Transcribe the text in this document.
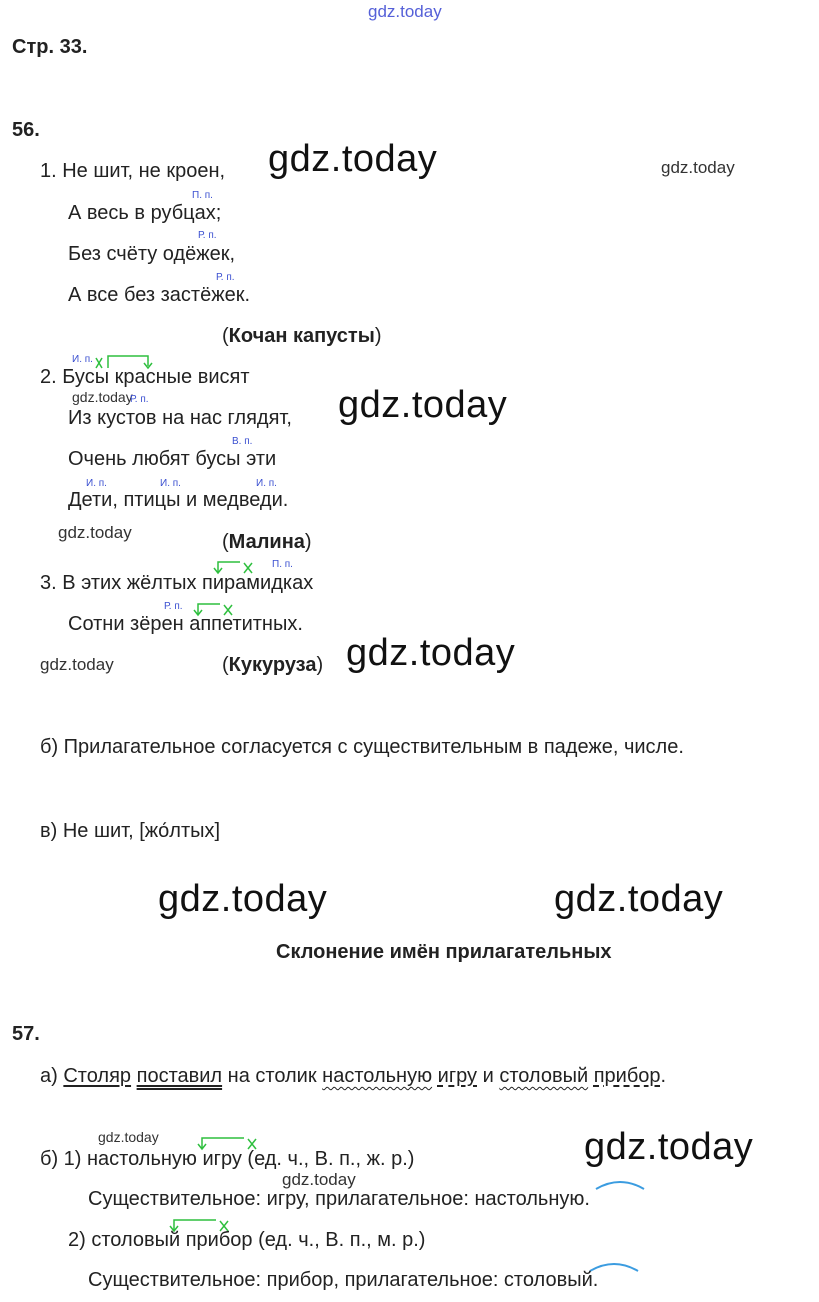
gdz.today
Стр. 33.
56.
1. Не шит, не кроен, gdz.today	gdz.today
П. п.
А весь в рубцах;
Р. п.
Без счёту одёжек,
Р. п.
А все без застёжек.
(Кочан капусты)
И. п.
2. Бусы красные висят
gdz.today
Р. п.
Из кустов на нас глядят, gdz.today
В. п.
Очень любят бусы эти
И. п.	И. п.	И. п.
Дети, птицы и медведи.
gdz.today	(Малина)
П. п.
3. В этих жёлтых пирамидках
Р. п.
Сотни зёрен аппетитных.
gdz.today	(Кукуруза) gdz.today
б) Прилагательное согласуется с существительным в падеже, числе.
в) Не шит, [жо́лтых]
gdz.today	gdz.today
Склонение имён прилагательных
57.
а) Столяр поставил на столик настольную игру и столовый прибор.
gdz.today
б) 1) настольную игру (ед. ч., В. п., ж. р.)	gdz.today
gdz.today
Существительное: игру, прилагательное: настольную.
2) столовый прибор (ед. ч., В. п., м. р.)
Существительное: прибор, прилагательное: столовый.
